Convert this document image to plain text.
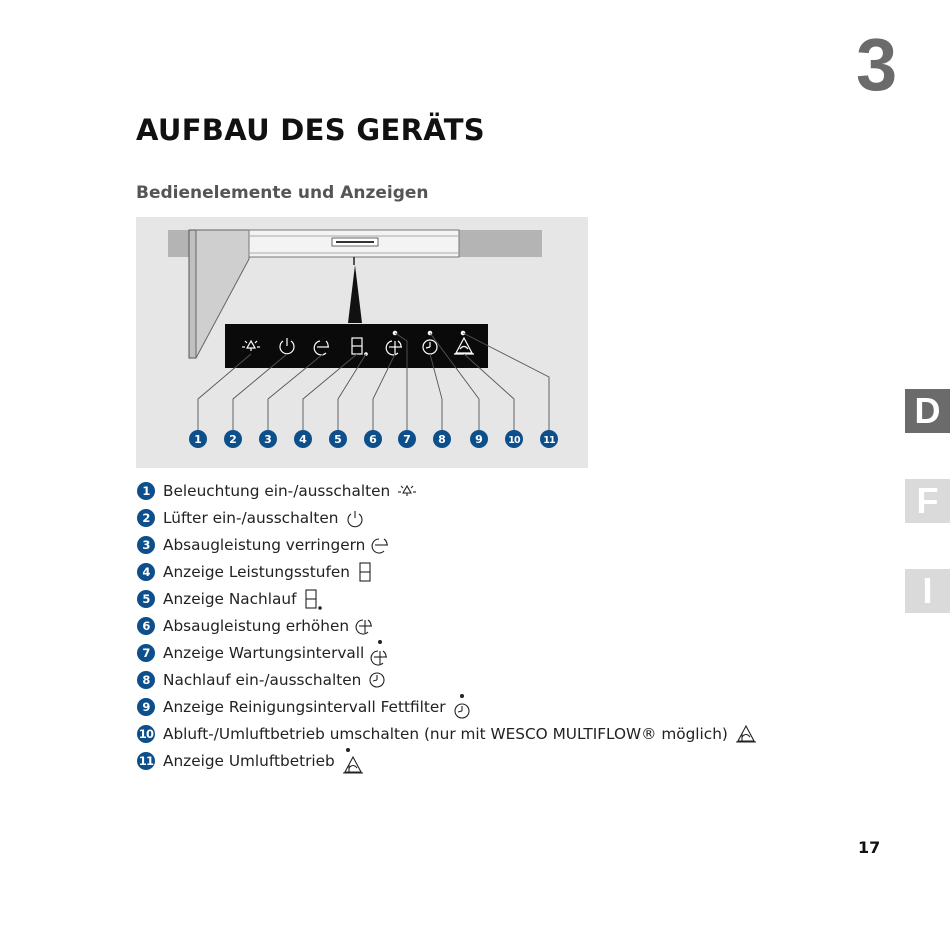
3
AUFBAU DES GERÄTS
Bedienelemente und Anzeigen
1 2 3 4 5 6 7 8	9	10 11
D
F
I
1 Beleuchtung ein-/ausschalten
2 Lüfter ein-/ausschalten
3 Absaugleistung verringern
4 Anzeige Leistungsstufen
5 Anzeige Nachlauf
6 Absaugleistung erhöhen
7 Anzeige Wartungsintervall
8 Nachlauf ein-/ausschalten
9 Anzeige Reinigungsintervall Fettfilter
10 Abluft-/Umluftbetrieb umschalten (nur mit WESCO MULTIFLOW® möglich)
11 Anzeige Umluftbetrieb
17
